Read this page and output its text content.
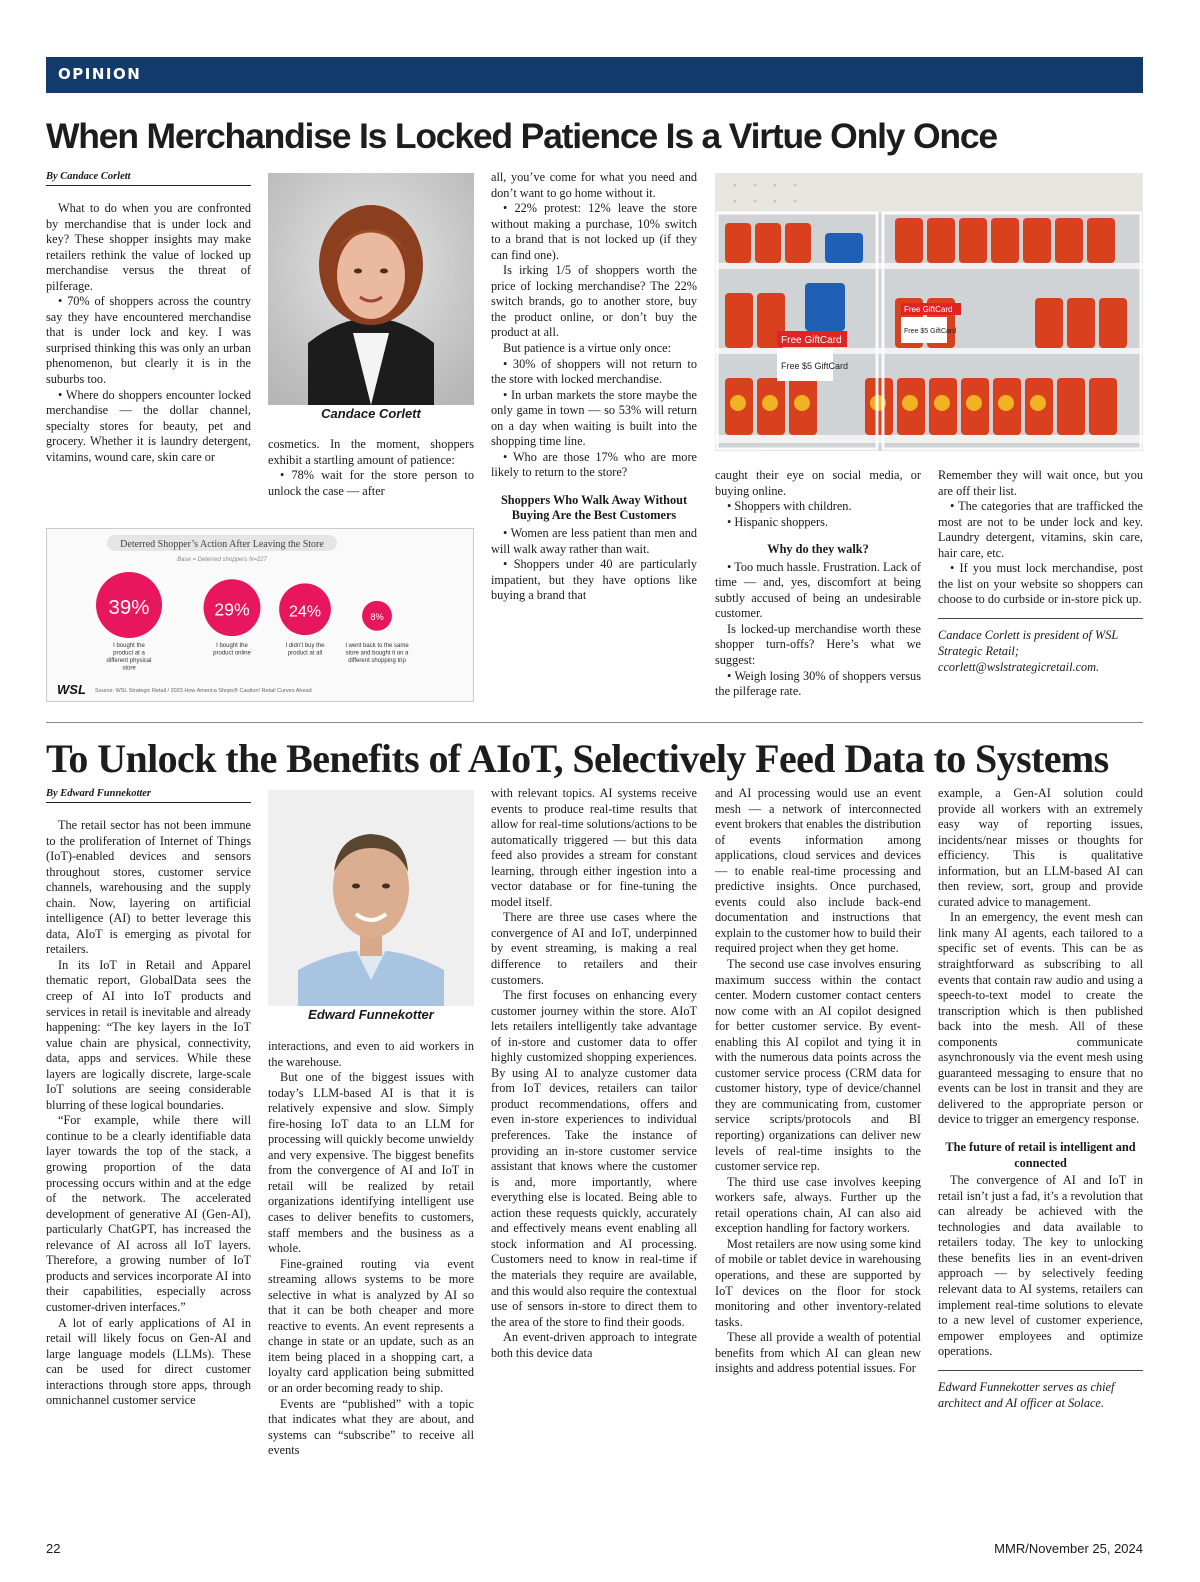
OPINION
When Merchandise Is Locked Patience Is a Virtue Only Once
By Candace Corlett

What to do when you are confronted by merchandise that is under lock and key? These shopper insights may make retailers rethink the value of locked up merchandise versus the threat of pilferage.

• 70% of shoppers across the country say they have encountered merchandise that is under lock and key. I was surprised thinking this was only an urban phenomenon, but clearly it is in the suburbs too.

• Where do shoppers encounter locked merchandise — the dollar channel, specialty stores for beauty, pet and grocery. Whether it is laundry detergent, vitamins, wound care, skin care or

Candace Corlett

cosmetics. In the moment, shoppers exhibit a startling amount of patience:

• 78% wait for the store person to unlock the case — after

all, you’ve come for what you need and don’t want to go home without it.

• 22% protest: 12% leave the store without making a purchase, 10% switch to a brand that is not locked up (if they can find one).

Is irking 1/5 of shoppers worth the price of locking merchandise? The 22% switch brands, go to another store, buy the product online, or don’t buy the product at all.

But patience is a virtue only once:

• 30% of shoppers will not return to the store with locked merchandise.

• In urban markets the store maybe the only game in town — so 53% will return on a day when waiting is built into the shopping time line.

• Who are those 17% who are more likely to return to the store?

Shoppers Who Walk Away Without Buying Are the Best Customers

• Women are less patient than men and will walk away rather than wait.

• Shoppers under 40 are particularly impatient, but they have options like buying a brand that

Free GiftCard
Free $5 GiftCard
Free GiftCard
Free $5 GiftCard

caught their eye on social media, or buying online.

• Shoppers with children.

• Hispanic shoppers.

Why do they walk?

• Too much hassle. Frustration. Lack of time — and, yes, discomfort at being subtly accused of being an undesirable customer.

Is locked-up merchandise worth these shopper turn-offs? Here’s what we suggest:

• Weigh losing 30% of shoppers versus the pilferage rate.

Remember they will wait once, but you are off their list.

• The categories that are trafficked the most are not to be under lock and key. Laundry detergent, vitamins, skin care, hair care, etc.

• If you must lock merchandise, post the list on your website so shoppers can choose to do curbside or in-store pick up.

Candace Corlett is president of WSL Strategic Retail; ccorlett@wslstrategicretail.com.

Deterred Shopper’s Action After Leaving the Store
Base = Deterred shoppers N=227
39%
I bought the product at a different physical store
29%
I bought the product online
24%
I didn’t buy the product at all
8%
I went back to the same store and bought it on a different shopping trip
WSL Source: WSL Strategic Retail / 2023 How America Shops® Caution! Retail Curves Ahead
To Unlock the Benefits of AIoT, Selectively Feed Data to Systems
By Edward Funnekotter

The retail sector has not been immune to the proliferation of Internet of Things (IoT)-enabled devices and sensors throughout stores, customer service channels, warehousing and the supply chain. Now, layering on artificial intelligence (AI) to better leverage this data, AIoT is emerging as pivotal for retailers.

In its IoT in Retail and Apparel thematic report, GlobalData sees the creep of AI into IoT products and services in retail is inevitable and already happening: “The key layers in the IoT value chain are physical, connectivity, data, apps and services. While these layers are logically discrete, large-scale IoT solutions are seeing considerable blurring of these logical boundaries.

“For example, while there will continue to be a clearly identifiable data layer towards the top of the stack, a growing proportion of the data processing occurs within and at the edge of the network. The accelerated development of generative AI (Gen-AI), particularly ChatGPT, has increased the relevance of AI across all IoT layers. Therefore, a growing number of IoT products and services incorporate AI into their capabilities, especially across customer-driven interfaces.”

A lot of early applications of AI in retail will likely focus on Gen-AI and large language models (LLMs). These can be used for direct customer interactions through store apps, through omnichannel customer service

Edward Funnekotter

interactions, and even to aid workers in the warehouse.

But one of the biggest issues with today’s LLM-based AI is that it is relatively expensive and slow. Simply fire-hosing IoT data to an LLM for processing will quickly become unwieldy and very expensive. The biggest benefits from the convergence of AI and IoT in retail will be realized by retail organizations identifying intelligent use cases to deliver benefits to customers, staff members and the business as a whole.

Fine-grained routing via event streaming allows systems to be more selective in what is analyzed by AI so that it can be both cheaper and more reactive to events. An event represents a change in state or an update, such as an item being placed in a shopping cart, a loyalty card application being submitted or an order becoming ready to ship.

Events are “published” with a topic that indicates what they are about, and systems can “subscribe” to receive all events

with relevant topics. AI systems receive events to produce real-time results that allow for real-time solutions/actions to be automatically triggered — but this data feed also provides a stream for constant learning, through either ingestion into a vector database or for fine-tuning the model itself.

There are three use cases where the convergence of AI and IoT, underpinned by event streaming, is making a real difference to retailers and their customers.

The first focuses on enhancing every customer journey within the store. AIoT lets retailers intelligently take advantage of in-store and customer data to offer highly customized shopping experiences. By using AI to analyze customer data from IoT devices, retailers can tailor product recommendations, offers and even in-store experiences to individual preferences. Take the instance of providing an in-store customer service assistant that knows where the customer is and, more importantly, where everything else is located. Being able to action these requests quickly, accurately and effectively means event enabling all stock information and AI processing. Customers need to know in real-time if the materials they require are available, and this would also require the contextual use of sensors in-store to direct them to the area of the store to find their goods.

An event-driven approach to integrate both this device data

and AI processing would use an event mesh — a network of interconnected event brokers that enables the distribution of events information among applications, cloud services and devices — to enable real-time processing and predictive insights. Once purchased, events could also include back-end documentation and instructions that explain to the customer how to build their required project when they get home.

The second use case involves ensuring maximum success within the contact center. Modern customer contact centers now come with an AI copilot designed for better customer service. By event-enabling this AI copilot and tying it in with the numerous data points across the customer service process (CRM data for customer history, type of device/channel they are communicating from, customer service scripts/protocols and BI reporting) organizations can deliver new levels of real-time insights to the customer service rep.

The third use case involves keeping workers safe, always. Further up the retail operations chain, AI can also aid exception handling for factory workers.

Most retailers are now using some kind of mobile or tablet device in warehousing operations, and these are supported by IoT devices on the floor for stock monitoring and other inventory-related tasks.

These all provide a wealth of potential benefits from which AI can glean new insights and address potential issues. For

example, a Gen-AI solution could provide all workers with an extremely easy way of reporting issues, incidents/near misses or thoughts for efficiency. This is qualitative information, but an LLM-based AI can then review, sort, group and provide curated advice to management.

In an emergency, the event mesh can link many AI agents, each tailored to a specific set of events. This can be as straightforward as subscribing to all events that contain raw audio and using a speech-to-text model to create the transcription which is then published back into the mesh. All of these components communicate asynchronously via the event mesh using guaranteed messaging to ensure that no events can be lost in transit and they are delivered to the appropriate person or device to trigger an emergency response.

The future of retail is intelligent and connected

The convergence of AI and IoT in retail isn’t just a fad, it’s a revolution that can already be achieved with the technologies and data available to retailers today. The key to unlocking these benefits lies in an event-driven approach — by selectively feeding relevant data to AI systems, retailers can implement real-time solutions to elevate to a new level of customer experience, empower employees and optimize operations.

Edward Funnekotter serves as chief architect and AI officer at Solace.

22	MMR/November 25, 2024
